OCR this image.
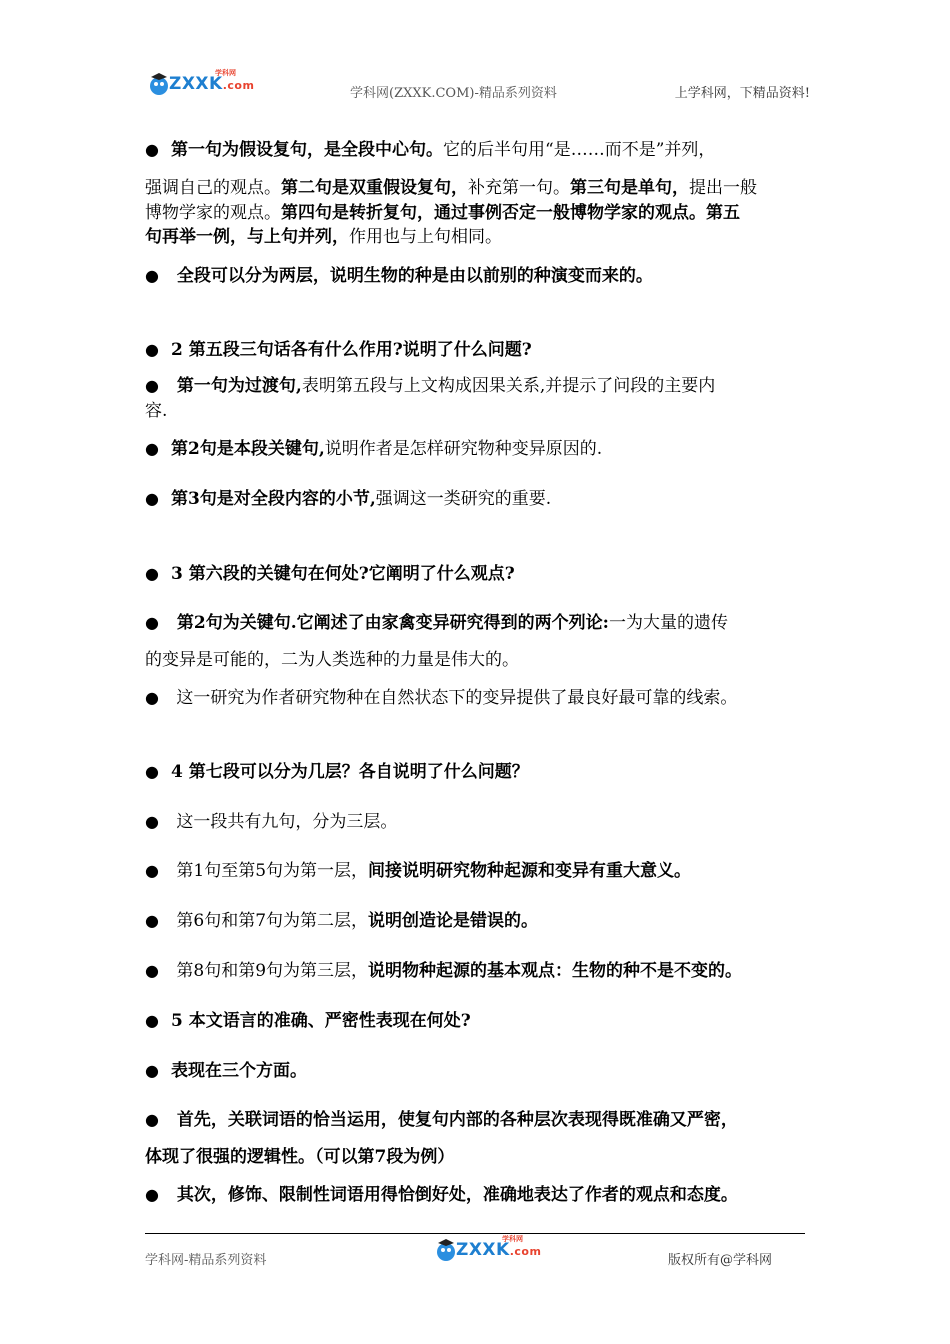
ZXXK.com
学科网
学科网(ZXXK.COM)-精品系列资料	上学科网，下精品资料!
● 第一句为假设复句，是全段中心句。它的后半句用“是……而不是”并列，
强调自己的观点。第二句是双重假设复句，补充第一句。第三句是单句，提出一般
博物学家的观点。第四句是转折复句，通过事例否定一般博物学家的观点。第五
句再举一例，与上句并列，作用也与上句相同。
● 全段可以分为两层，说明生物的种是由以前别的种演变而来的。
● 2 第五段三句话各有什么作用?说明了什么问题?
● 第一句为过渡句,表明第五段与上文构成因果关系,并提示了问段的主要内
容.
● 第2句是本段关键句,说明作者是怎样研究物种变异原因的.
● 第3句是对全段内容的小节,强调这一类研究的重要.
● 3 第六段的关键句在何处?它阐明了什么观点?
● 第2句为关键句.它阐述了由家禽变异研究得到的两个列论:一为大量的遗传
的变异是可能的，二为人类选种的力量是伟大的。
● 这一研究为作者研究物种在自然状态下的变异提供了最良好最可靠的线索。
● 4 第七段可以分为几层？各自说明了什么问题？
● 这一段共有九句，分为三层。
● 第1句至第5句为第一层，间接说明研究物种起源和变异有重大意义。
● 第6句和第7句为第二层，说明创造论是错误的。
● 第8句和第9句为第三层，说明物种起源的基本观点：生物的种不是不变的。
● 5 本文语言的准确、严密性表现在何处?
● 表现在三个方面。
● 首先，关联词语的恰当运用，使复句内部的各种层次表现得既准确又严密，
体现了很强的逻辑性。（可以第7段为例）
● 其次，修饰、限制性词语用得恰倒好处，准确地表达了作者的观点和态度。
学科网-精品系列资料
ZXXK.com
学科网
版权所有@学科网
